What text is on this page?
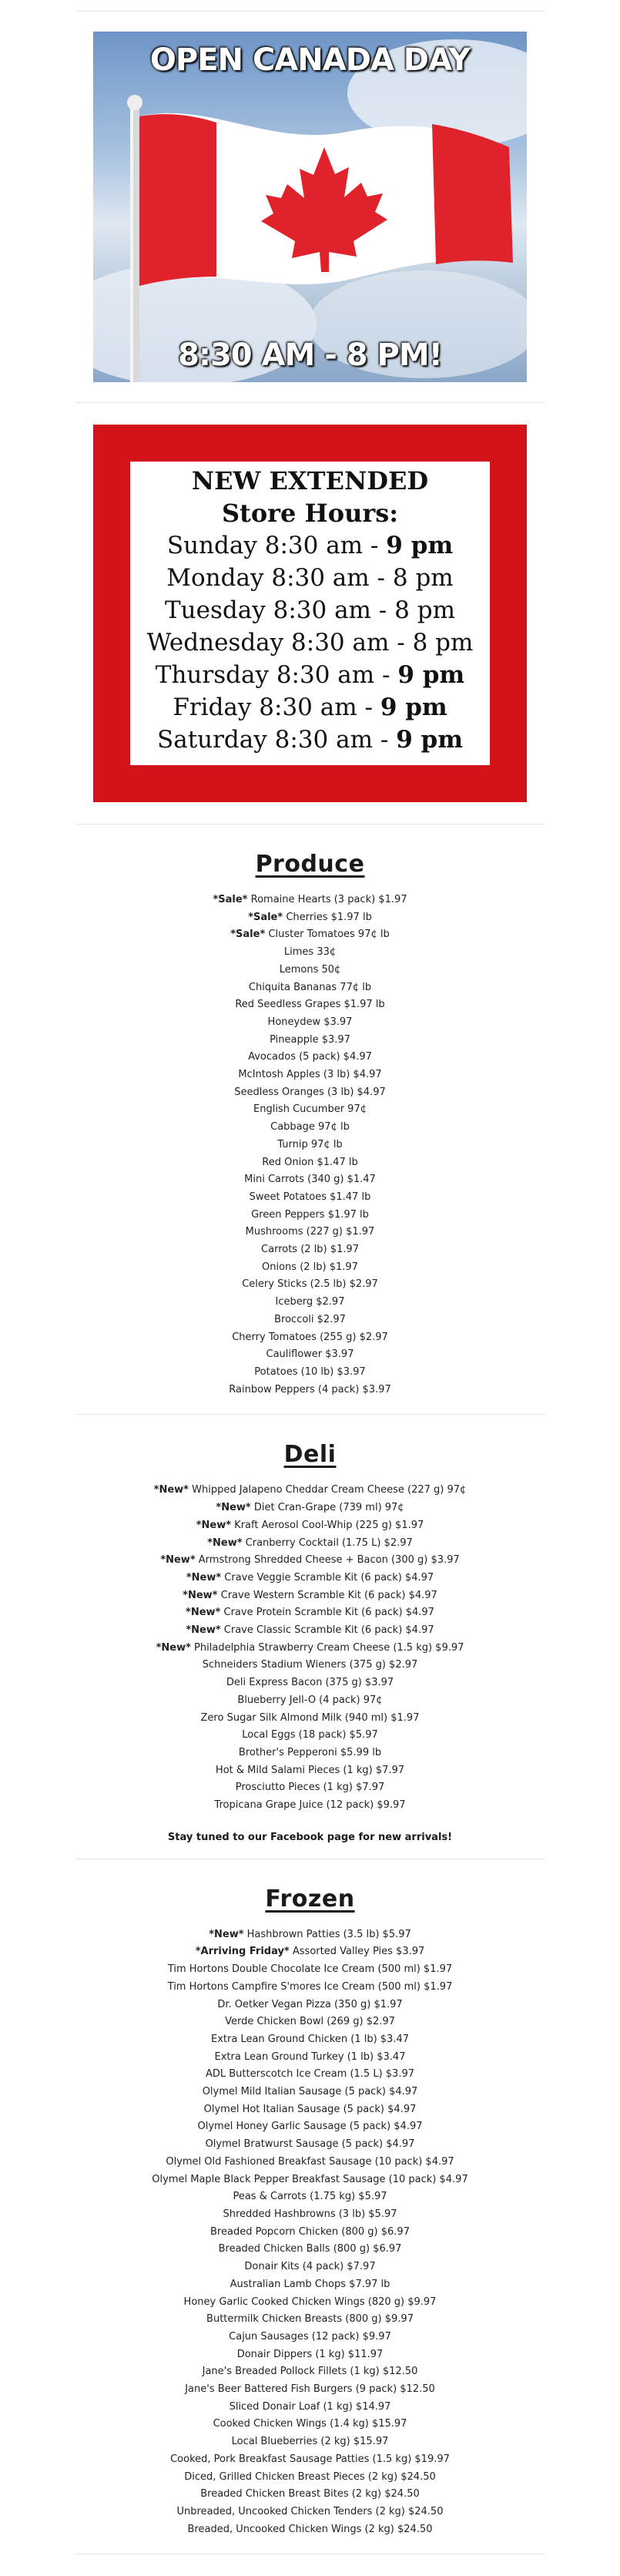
OPEN CANADA DAY
8:30 AM - 8 PM!
NEW EXTENDED
Store Hours:
Sunday 8:30 am - 9 pm
Monday 8:30 am - 8 pm
Tuesday 8:30 am - 8 pm
Wednesday 8:30 am - 8 pm
Thursday 8:30 am - 9 pm
Friday 8:30 am - 9 pm
Saturday 8:30 am - 9 pm
Produce
*Sale* Romaine Hearts (3 pack) $1.97
*Sale* Cherries $1.97 lb
*Sale* Cluster Tomatoes 97¢ lb
Limes 33¢
Lemons 50¢
Chiquita Bananas 77¢ lb
Red Seedless Grapes $1.97 lb
Honeydew $3.97
Pineapple $3.97
Avocados (5 pack) $4.97
McIntosh Apples (3 lb) $4.97
Seedless Oranges (3 lb) $4.97
English Cucumber 97¢
Cabbage 97¢ lb
Turnip 97¢ lb
Red Onion $1.47 lb
Mini Carrots (340 g) $1.47
Sweet Potatoes $1.47 lb
Green Peppers $1.97 lb
Mushrooms (227 g) $1.97
Carrots (2 lb) $1.97
Onions (2 lb) $1.97
Celery Sticks (2.5 lb) $2.97
Iceberg $2.97
Broccoli $2.97
Cherry Tomatoes (255 g) $2.97
Cauliflower $3.97
Potatoes (10 lb) $3.97
Rainbow Peppers (4 pack) $3.97
Deli
*New* Whipped Jalapeno Cheddar Cream Cheese (227 g) 97¢
*New* Diet Cran-Grape (739 ml) 97¢
*New* Kraft Aerosol Cool-Whip (225 g) $1.97
*New* Cranberry Cocktail (1.75 L) $2.97
*New* Armstrong Shredded Cheese + Bacon (300 g) $3.97
*New* Crave Veggie Scramble Kit (6 pack) $4.97
*New* Crave Western Scramble Kit (6 pack) $4.97
*New* Crave Protein Scramble Kit (6 pack) $4.97
*New* Crave Classic Scramble Kit (6 pack) $4.97
*New* Philadelphia Strawberry Cream Cheese (1.5 kg) $9.97
Schneiders Stadium Wieners (375 g) $2.97
Deli Express Bacon (375 g) $3.97
Blueberry Jell-O (4 pack) 97¢
Zero Sugar Silk Almond Milk (940 ml) $1.97
Local Eggs (18 pack) $5.97
Brother's Pepperoni $5.99 lb
Hot & Mild Salami Pieces (1 kg) $7.97
Prosciutto Pieces (1 kg) $7.97
Tropicana Grape Juice (12 pack) $9.97

Stay tuned to our Facebook page for new arrivals!

Frozen
*New* Hashbrown Patties (3.5 lb) $5.97
*Arriving Friday* Assorted Valley Pies $3.97
Tim Hortons Double Chocolate Ice Cream (500 ml) $1.97
Tim Hortons Campfire S'mores Ice Cream (500 ml) $1.97
Dr. Oetker Vegan Pizza (350 g) $1.97
Verde Chicken Bowl (269 g) $2.97
Extra Lean Ground Chicken (1 lb) $3.47
Extra Lean Ground Turkey (1 lb) $3.47
ADL Butterscotch Ice Cream (1.5 L) $3.97
Olymel Mild Italian Sausage (5 pack) $4.97
Olymel Hot Italian Sausage (5 pack) $4.97
Olymel Honey Garlic Sausage (5 pack) $4.97
Olymel Bratwurst Sausage (5 pack) $4.97
Olymel Old Fashioned Breakfast Sausage (10 pack) $4.97
Olymel Maple Black Pepper Breakfast Sausage (10 pack) $4.97
Peas & Carrots (1.75 kg) $5.97
Shredded Hashbrowns (3 lb) $5.97
Breaded Popcorn Chicken (800 g) $6.97
Breaded Chicken Balls (800 g) $6.97
Donair Kits (4 pack) $7.97
Australian Lamb Chops $7.97 lb
Honey Garlic Cooked Chicken Wings (820 g) $9.97
Buttermilk Chicken Breasts (800 g) $9.97
Cajun Sausages (12 pack) $9.97
Donair Dippers (1 kg) $11.97
Jane's Breaded Pollock Fillets (1 kg) $12.50
Jane's Beer Battered Fish Burgers (9 pack) $12.50
Sliced Donair Loaf (1 kg) $14.97
Cooked Chicken Wings (1.4 kg) $15.97
Local Blueberries (2 kg) $15.97
Cooked, Pork Breakfast Sausage Patties (1.5 kg) $19.97
Diced, Grilled Chicken Breast Pieces (2 kg) $24.50
Breaded Chicken Breast Bites (2 kg) $24.50
Unbreaded, Uncooked Chicken Tenders (2 kg) $24.50
Breaded, Uncooked Chicken Wings (2 kg) $24.50
